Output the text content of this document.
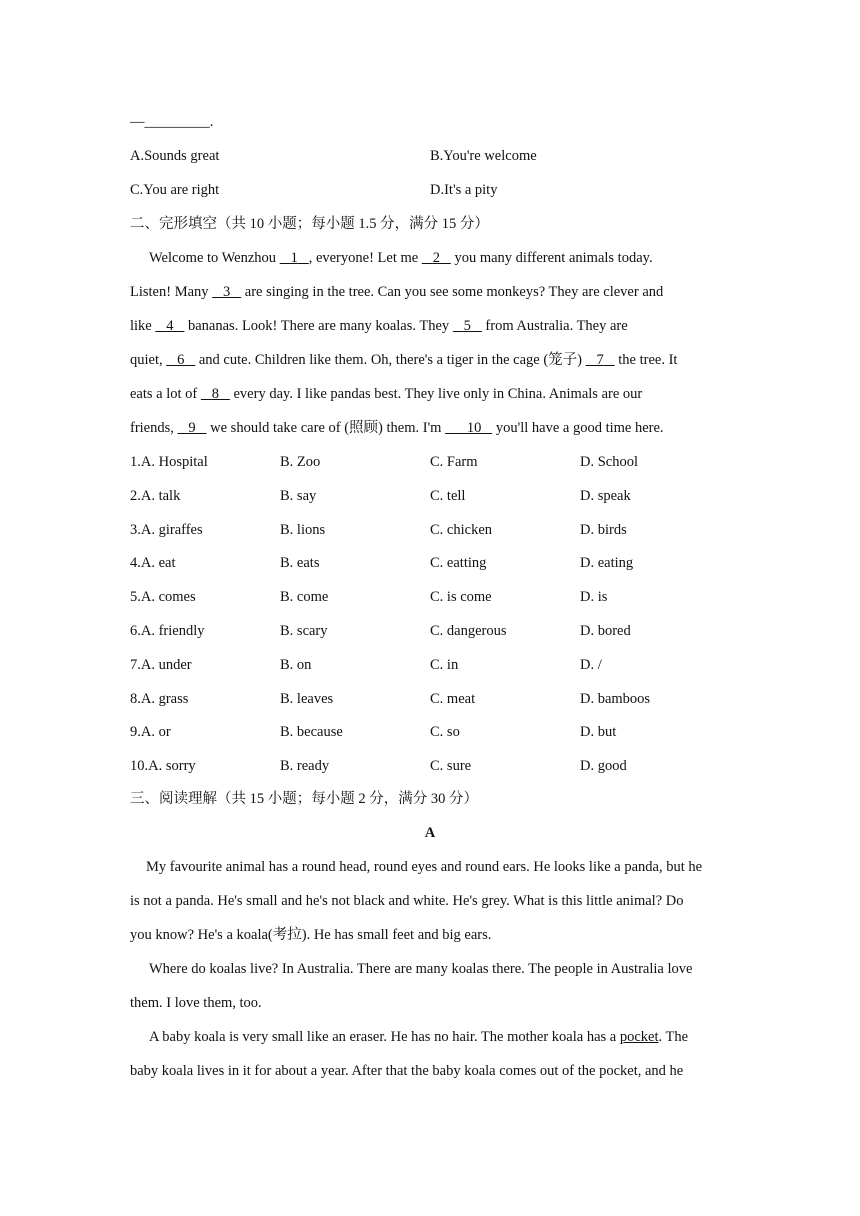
—_________.
A.Sounds great	B.You're welcome
C.You are right	D.It's a pity
二、完形填空（共 10 小题；每小题 1.5 分，满分 15 分）
Welcome to Wenzhou    1 , everyone! Let me    2    you many different animals today.
Listen! Many    3    are singing in the tree. Can you see some monkeys? They are clever and
like    4    bananas. Look! There are many koalas. They    5    from Australia. They are
quiet,    6    and cute. Children like them. Oh, there's a tiger in the cage (笼子)    7    the tree. It
eats a lot of    8    every day. I like pandas best. They live only in China. Animals are our
friends,    9    we should take care of (照顾) them. I'm       10    you'll have a good time here.
1.A. Hospital	B. Zoo	C. Farm	D. School
2.A. talk	B. say	C. tell	D. speak
3.A. giraffes	B. lions	C. chicken	D. birds
4.A. eat	B. eats	C. eatting	D. eating
5.A. comes	B. come	C. is come	D. is
6.A. friendly	B. scary	C. dangerous	D. bored
7.A. under	B. on	C. in	D. /
8.A. grass	B. leaves	C. meat	D. bamboos
9.A. or	B. because	C. so	D. but
10.A. sorry	B. ready	C. sure	D. good
三、阅读理解（共 15 小题；每小题 2 分，满分 30 分）
A
My favourite animal has a round head, round eyes and round ears. He looks like a panda, but he
is not a panda. He's small and he's not black and white. He's grey. What is this little animal? Do
you know? He's a koala(考拉). He has small feet and big ears.
Where do koalas live? In Australia. There are many koalas there. The people in Australia love
them. I love them, too.
A baby koala is very small like an eraser. He has no hair. The mother koala has a pocket. The
baby koala lives in it for about a year. After that the baby koala comes out of the pocket, and he
